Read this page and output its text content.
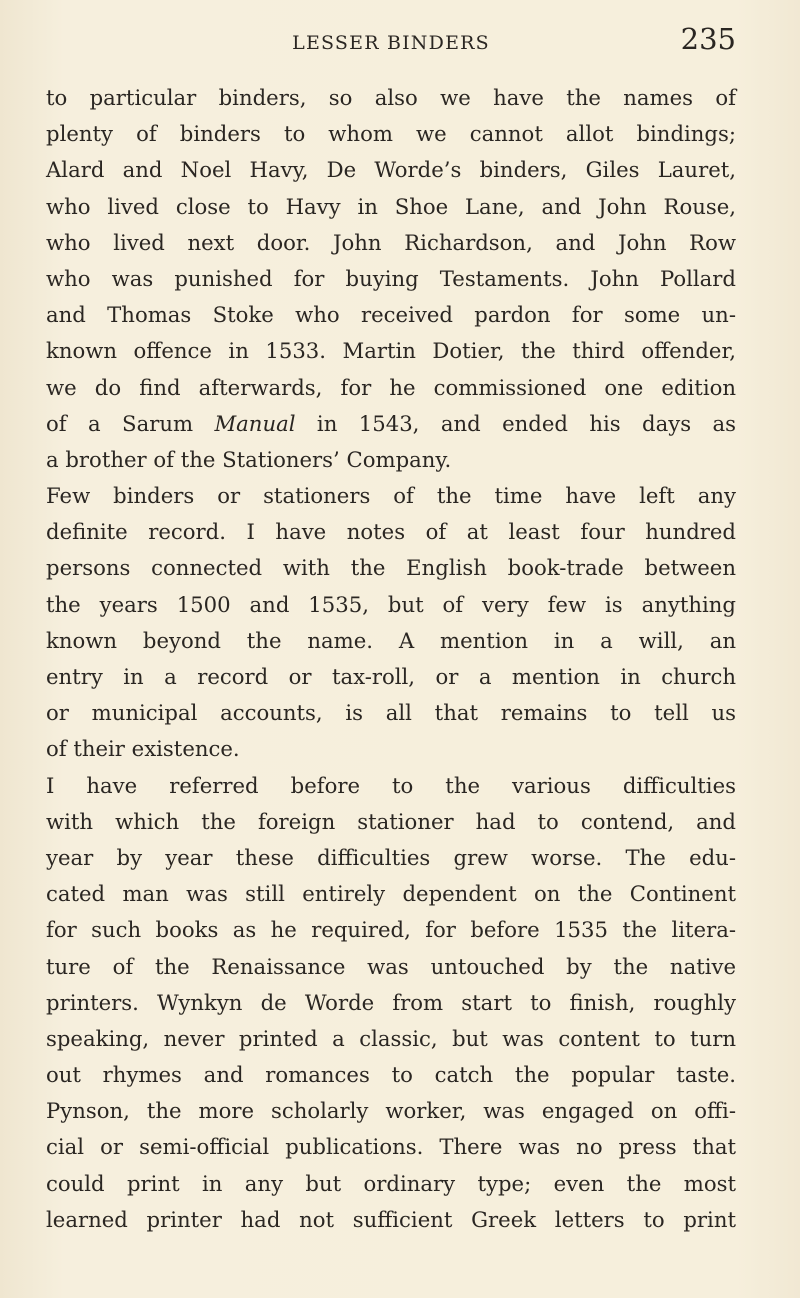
LESSER BINDERS	235
to particular binders, so also we have the names of
plenty of binders to whom we cannot allot bindings;
Alard and Noel Havy, De Worde’s binders, Giles Lauret,
who lived close to Havy in Shoe Lane, and John Rouse,
who lived next door. John Richardson, and John Row
who was punished for buying Testaments. John Pollard
and Thomas Stoke who received pardon for some un-
known offence in 1533. Martin Dotier, the third offender,
we do find afterwards, for he commissioned one edition
of a Sarum Manual in 1543, and ended his days as
a brother of the Stationers’ Company.
Few binders or stationers of the time have left any
definite record. I have notes of at least four hundred
persons connected with the English book-trade between
the years 1500 and 1535, but of very few is anything
known beyond the name. A mention in a will, an
entry in a record or tax-roll, or a mention in church
or municipal accounts, is all that remains to tell us
of their existence.
I have referred before to the various difficulties
with which the foreign stationer had to contend, and
year by year these difficulties grew worse. The edu-
cated man was still entirely dependent on the Continent
for such books as he required, for before 1535 the litera-
ture of the Renaissance was untouched by the native
printers. Wynkyn de Worde from start to finish, roughly
speaking, never printed a classic, but was content to turn
out rhymes and romances to catch the popular taste.
Pynson, the more scholarly worker, was engaged on offi-
cial or semi-official publications. There was no press that
could print in any but ordinary type; even the most
learned printer had not sufficient Greek letters to print
